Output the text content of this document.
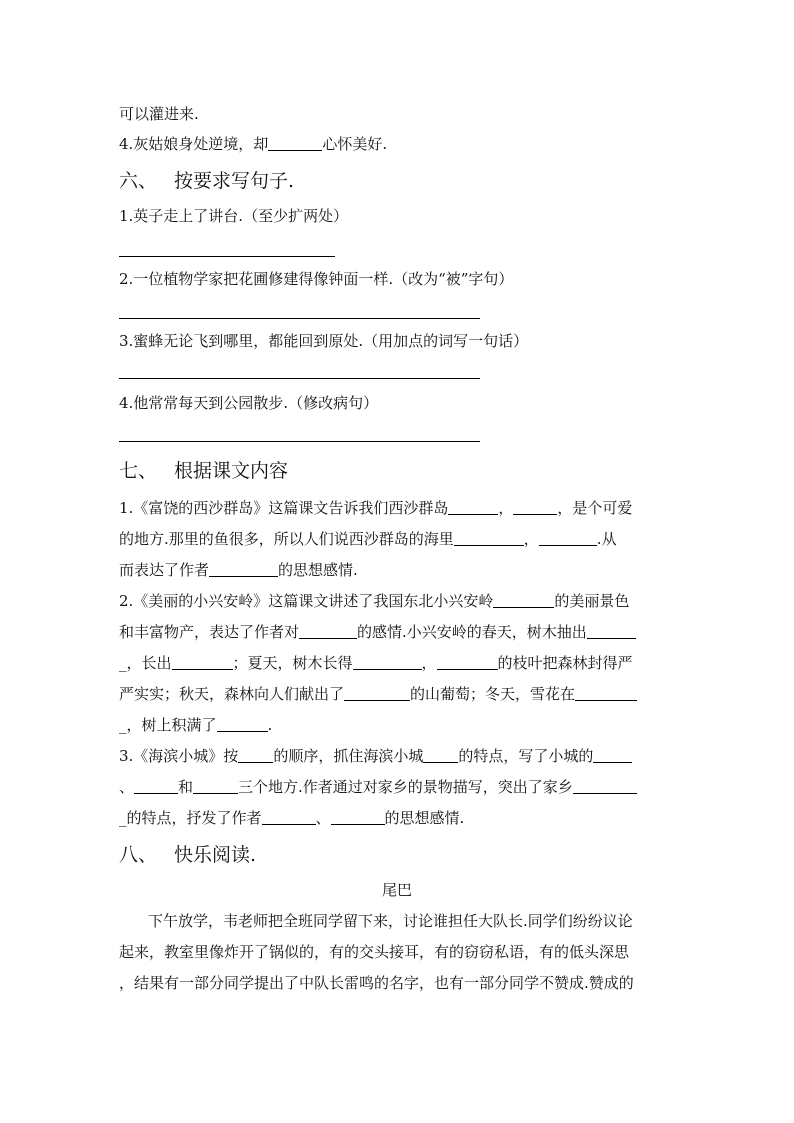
可以灌进来.
4.灰姑娘身处逆境，却	心怀美好.
六、 按要求写句子.
1.英子走上了讲台.（至少扩两处）
2.一位植物学家把花圃修建得像钟面一样.（改为“被”字句）
3.蜜蜂无论飞到哪里，都能回到原处.（用加点的词写一句话）
4.他常常每天到公园散步.（修改病句）
七、 根据课文内容
1.《富饶的西沙群岛》这篇课文告诉我们西沙群岛	，	，是个可爱
的地方.那里的鱼很多，所以人们说西沙群岛的海里	，	.从
而表达了作者	的思想感情.
2.《美丽的小兴安岭》这篇课文讲述了我国东北小兴安岭	的美丽景色
和丰富物产，表达了作者对	的感情.小兴安岭的春天，树木抽出
_，长出	；夏天，树木长得	，	的枝叶把森林封得严
严实实；秋天，森林向人们献出了	的山葡萄；冬天，雪花在
_，树上积满了	.
3.《海滨小城》按 的顺序，抓住海滨小城 的特点，写了小城的
、	和	三个地方.作者通过对家乡的景物描写，突出了家乡
_的特点，抒发了作者	、	的思想感情.
八、 快乐阅读.
尾巴
下午放学，韦老师把全班同学留下来，讨论谁担任大队长.同学们纷纷议论
起来，教室里像炸开了锅似的，有的交头接耳，有的窃窃私语，有的低头深思
，结果有一部分同学提出了中队长雷鸣的名字，也有一部分同学不赞成.赞成的
